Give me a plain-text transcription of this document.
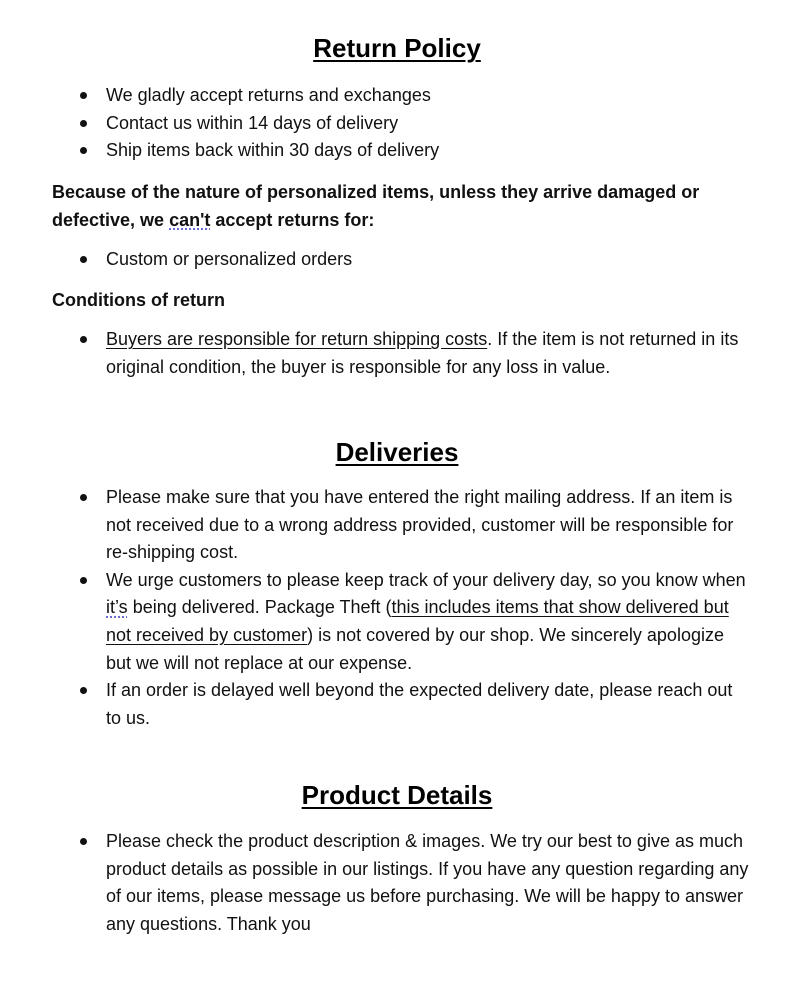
Return Policy
We gladly accept returns and exchanges
Contact us within 14 days of delivery
Ship items back within 30 days of delivery

Because of the nature of personalized items, unless they arrive damaged or defective, we can't accept returns for:

Custom or personalized orders

Conditions of return

Buyers are responsible for return shipping costs. If the item is not returned in its original condition, the buyer is responsible for any loss in value.
Deliveries
Please make sure that you have entered the right mailing address. If an item is not received due to a wrong address provided, customer will be responsible for re-shipping cost.
We urge customers to please keep track of your delivery day, so you know when it’s being delivered. Package Theft (this includes items that show delivered but not received by customer) is not covered by our shop. We sincerely apologize but we will not replace at our expense.
If an order is delayed well beyond the expected delivery date, please reach out to us.
Product Details
Please check the product description & images. We try our best to give as much product details as possible in our listings. If you have any question regarding any of our items, please message us before purchasing. We will be happy to answer any questions. Thank you
